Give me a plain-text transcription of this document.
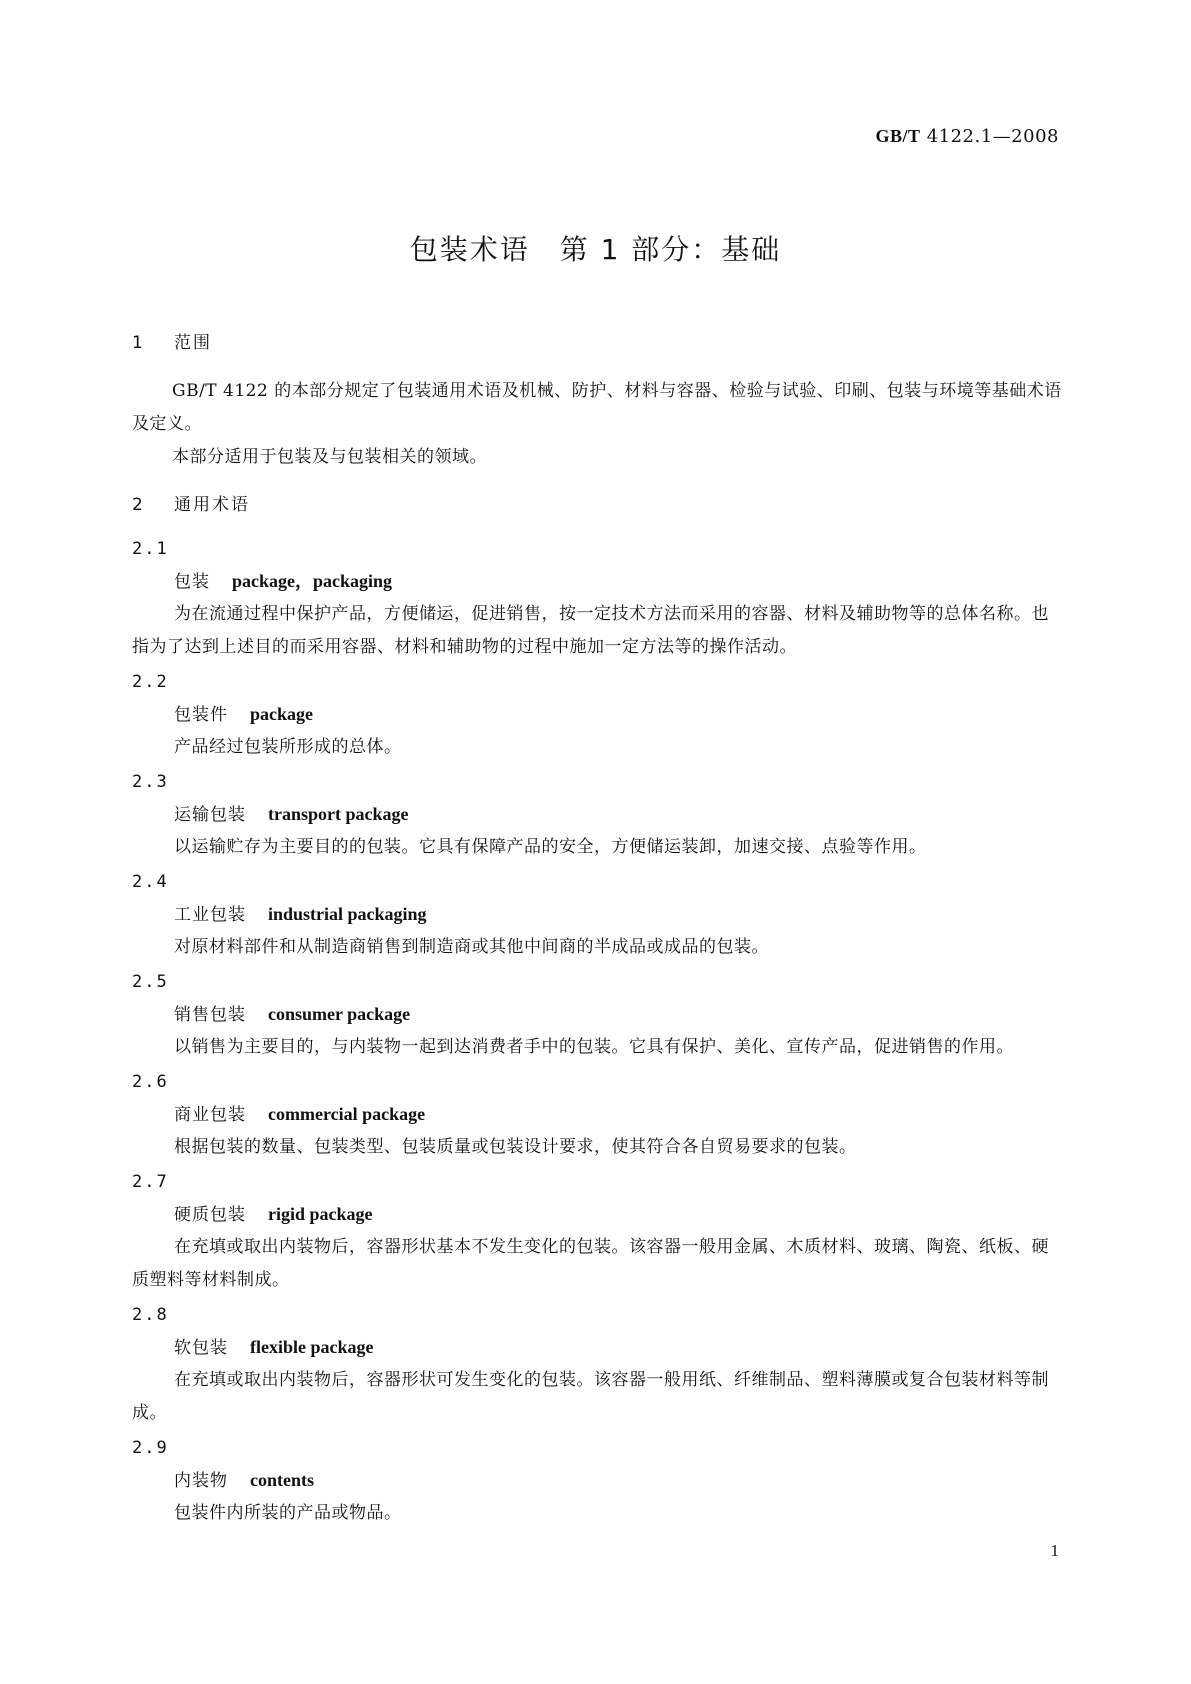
GB/T 4122.1—2008
包装术语　第 1 部分：基础
1 范围

GB/T 4122 的本部分规定了包装通用术语及机械、防护、材料与容器、检验与试验、印刷、包装与环境等基础术语及定义。

本部分适用于包装及与包装相关的领域。

2 通用术语

2.1

包装 package，packaging

为在流通过程中保护产品，方便储运，促进销售，按一定技术方法而采用的容器、材料及辅助物等的总体名称。也指为了达到上述目的而采用容器、材料和辅助物的过程中施加一定方法等的操作活动。

2.2

包装件 package

产品经过包装所形成的总体。

2.3

运输包装 transport package

以运输贮存为主要目的的包装。它具有保障产品的安全，方便储运装卸，加速交接、点验等作用。

2.4

工业包装 industrial packaging

对原材料部件和从制造商销售到制造商或其他中间商的半成品或成品的包装。

2.5

销售包装 consumer package

以销售为主要目的，与内装物一起到达消费者手中的包装。它具有保护、美化、宣传产品，促进销售的作用。

2.6

商业包装 commercial package

根据包装的数量、包装类型、包装质量或包装设计要求，使其符合各自贸易要求的包装。

2.7

硬质包装 rigid package

在充填或取出内装物后，容器形状基本不发生变化的包装。该容器一般用金属、木质材料、玻璃、陶瓷、纸板、硬质塑料等材料制成。

2.8

软包装 flexible package

在充填或取出内装物后，容器形状可发生变化的包装。该容器一般用纸、纤维制品、塑料薄膜或复合包装材料等制成。

2.9

内装物 contents

包装件内所装的产品或物品。

1
